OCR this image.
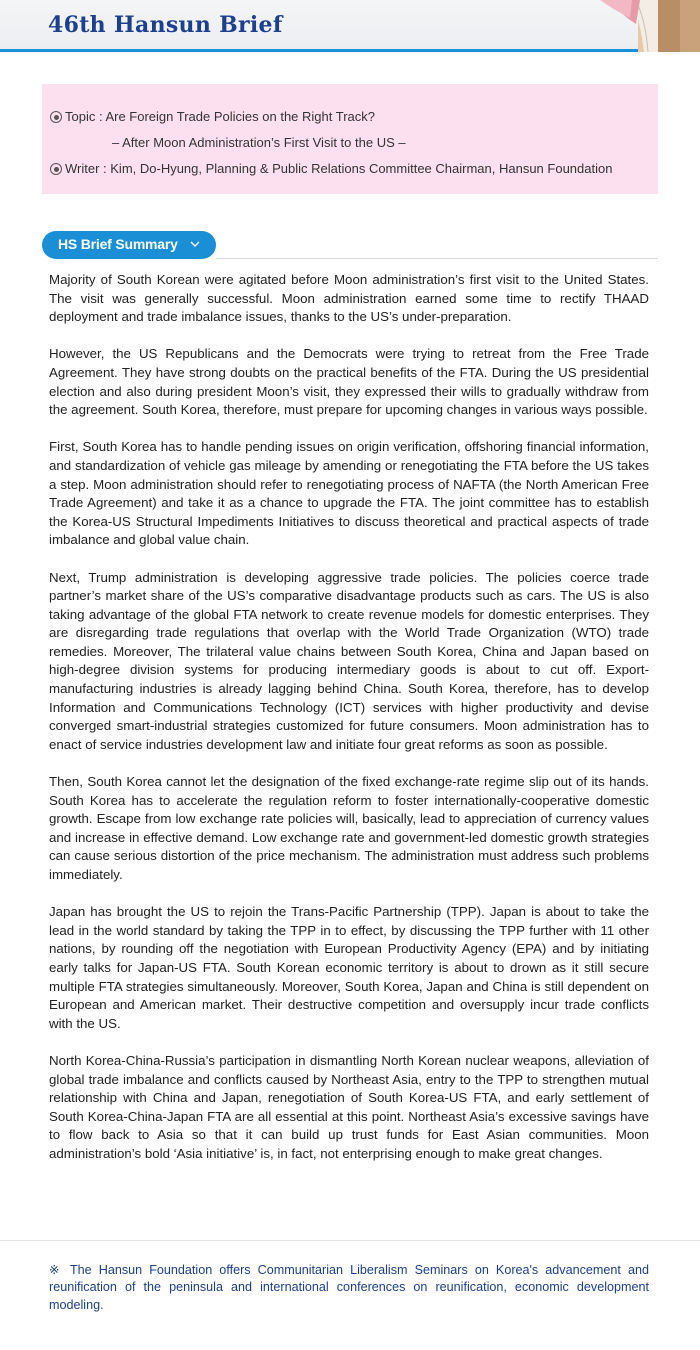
46th Hansun Brief
Topic : Are Foreign Trade Policies on the Right Track?
– After Moon Administration’s First Visit to the US –
Writer : Kim, Do-Hyung, Planning & Public Relations Committee Chairman, Hansun Foundation
HS Brief Summary

Majority of South Korean were agitated before Moon administration’s first visit to the United States. The visit was generally successful. Moon administration earned some time to rectify THAAD deployment and trade imbalance issues, thanks to the US’s under-preparation.

However, the US Republicans and the Democrats were trying to retreat from the Free Trade Agreement. They have strong doubts on the practical benefits of the FTA. During the US presidential election and also during president Moon’s visit, they expressed their wills to gradually withdraw from the agreement. South Korea, therefore, must prepare for upcoming changes in various ways possible.

First, South Korea has to handle pending issues on origin verification, offshoring financial information, and standardization of vehicle gas mileage by amending or renegotiating the FTA before the US takes a step. Moon administration should refer to renegotiating process of NAFTA (the North American Free Trade Agreement) and take it as a chance to upgrade the FTA. The joint committee has to establish the Korea-US Structural Impediments Initiatives to discuss theoretical and practical aspects of trade imbalance and global value chain.

Next, Trump administration is developing aggressive trade policies. The policies coerce trade partner’s market share of the US’s comparative disadvantage products such as cars. The US is also taking advantage of the global FTA network to create revenue models for domestic enterprises. They are disregarding trade regulations that overlap with the World Trade Organization (WTO) trade remedies. Moreover, The trilateral value chains between South Korea, China and Japan based on high-degree division systems for producing intermediary goods is about to cut off. Export-manufacturing industries is already lagging behind China. South Korea, therefore, has to develop Information and Communications Technology (ICT) services with higher productivity and devise converged smart-industrial strategies customized for future consumers. Moon administration has to enact of service industries development law and initiate four great reforms as soon as possible.

Then, South Korea cannot let the designation of the fixed exchange-rate regime slip out of its hands. South Korea has to accelerate the regulation reform to foster internationally-cooperative domestic growth. Escape from low exchange rate policies will, basically, lead to appreciation of currency values and increase in effective demand. Low exchange rate and government-led domestic growth strategies can cause serious distortion of the price mechanism. The administration must address such problems immediately.

Japan has brought the US to rejoin the Trans-Pacific Partnership (TPP). Japan is about to take the lead in the world standard by taking the TPP in to effect, by discussing the TPP further with 11 other nations, by rounding off the negotiation with European Productivity Agency (EPA) and by initiating early talks for Japan-US FTA. South Korean economic territory is about to drown as it still secure multiple FTA strategies simultaneously. Moreover, South Korea, Japan and China is still dependent on European and American market. Their destructive competition and oversupply incur trade conflicts with the US.

North Korea-China-Russia’s participation in dismantling North Korean nuclear weapons, alleviation of global trade imbalance and conflicts caused by Northeast Asia, entry to the TPP to strengthen mutual relationship with China and Japan, renegotiation of South Korea-US FTA, and early settlement of South Korea-China-Japan FTA are all essential at this point. Northeast Asia’s excessive savings have to flow back to Asia so that it can build up trust funds for East Asian communities. Moon administration’s bold ‘Asia initiative’ is, in fact, not enterprising enough to make great changes.

※ The Hansun Foundation offers Communitarian Liberalism Seminars on Korea's advancement and reunification of the peninsula and international conferences on reunification, economic development modeling.
